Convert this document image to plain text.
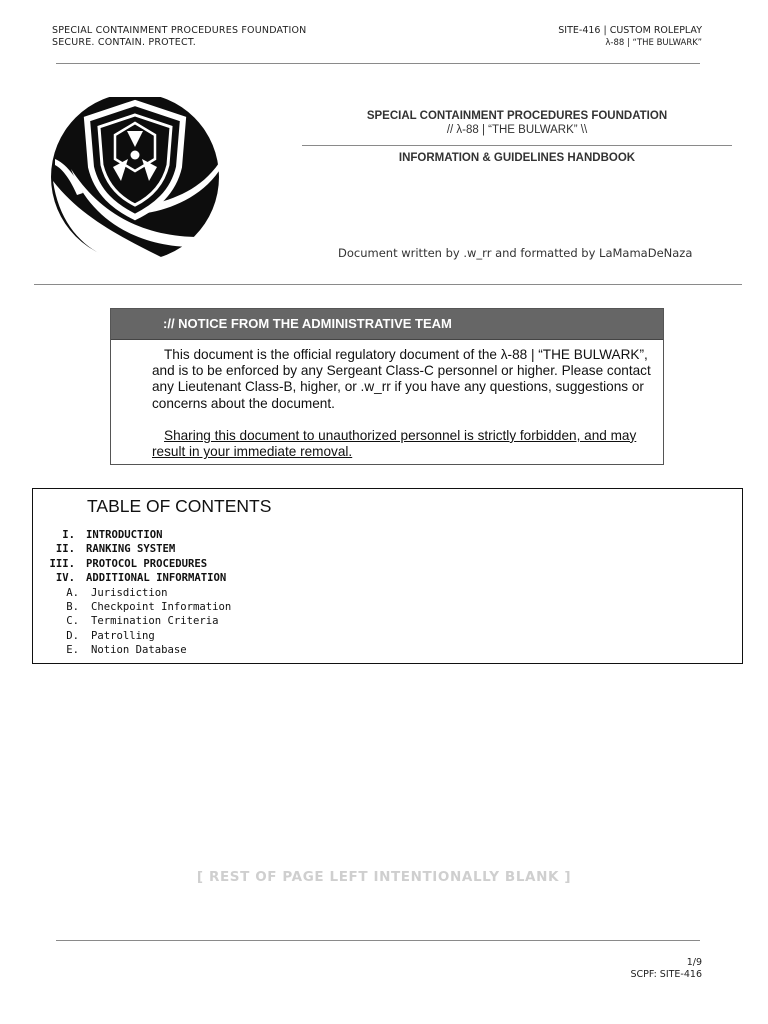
SPECIAL CONTAINMENT PROCEDURES FOUNDATION
SECURE. CONTAIN. PROTECT.
SITE-416 | CUSTOM ROLEPLAY
λ-88 | “THE BULWARK”
SPECIAL CONTAINMENT PROCEDURES FOUNDATION
// λ-88 | “THE BULWARK” \\
INFORMATION & GUIDELINES HANDBOOK
Document written by .w_rr and formatted by LaMamaDeNaza
:// NOTICE FROM THE ADMINISTRATIVE TEAM

This document is the official regulatory document of the λ-88 | “THE BULWARK”, and is to be enforced by any Sergeant Class-C personnel or higher. Please contact any Lieutenant Class-B, higher, or .w_rr if you have any questions, suggestions or concerns about the document.

Sharing this document to unauthorized personnel is strictly forbidden, and may result in your immediate removal.

TABLE OF CONTENTS
I. INTRODUCTION
II. RANKING SYSTEM
III. PROTOCOL PROCEDURES
IV. ADDITIONAL INFORMATION
A. Jurisdiction
B. Checkpoint Information
C. Termination Criteria
D. Patrolling
E. Notion Database
[ REST OF PAGE LEFT INTENTIONALLY BLANK ]
1/9
SCPF: SITE-416
